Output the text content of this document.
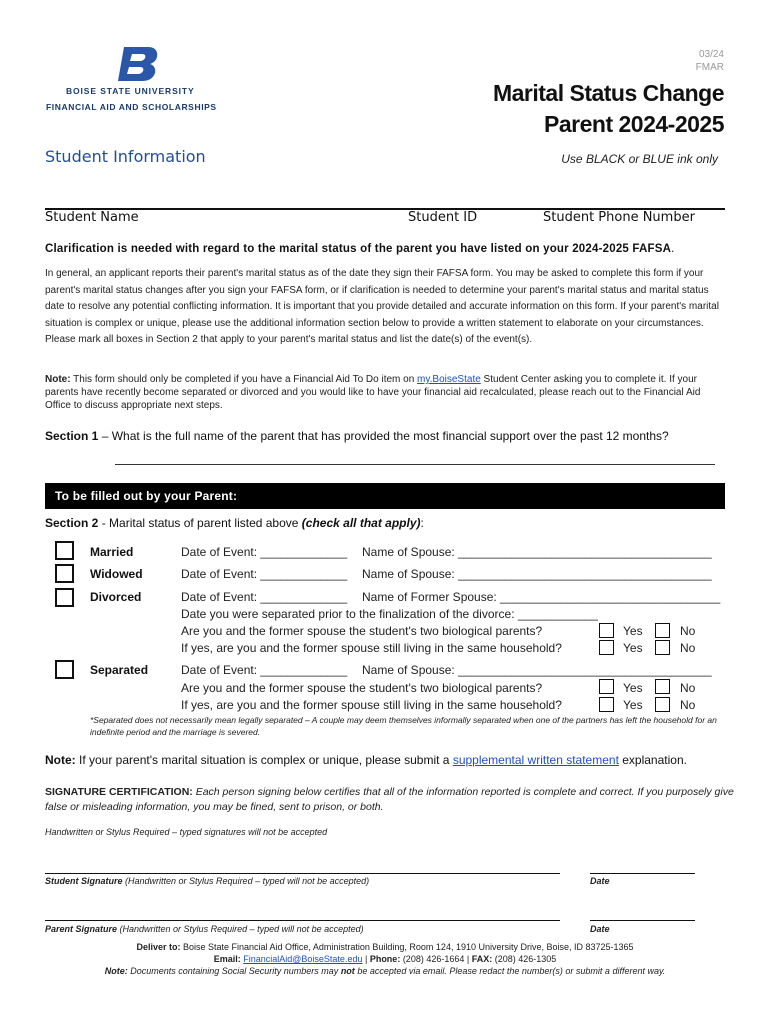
BOISE STATE UNIVERSITY
FINANCIAL AID AND SCHOLARSHIPS
03/24
FMAR
Marital Status Change
Parent 2024-2025
Student Information	Use BLACK or BLUE ink only
Student Name	Student ID	Student Phone Number
Clarification is needed with regard to the marital status of the parent you have listed on your 2024-2025 FAFSA.
In general, an applicant reports their parent's marital status as of the date they sign their FAFSA form. You may be asked to complete this form if your parent's marital status changes after you sign your FAFSA form, or if clarification is needed to determine your parent's marital status and marital status date to resolve any potential conflicting information. It is important that you provide detailed and accurate information on this form. If your parent's marital situation is complex or unique, please use the additional information section below to provide a written statement to elaborate on your circumstances. Please mark all boxes in Section 2 that apply to your parent's marital status and list the date(s) of the event(s).
Note: This form should only be completed if you have a Financial Aid To Do item on my.BoiseState Student Center asking you to complete it. If your parents have recently become separated or divorced and you would like to have your financial aid recalculated, please reach out to the Financial Aid Office to discuss appropriate next steps.
Section 1 – What is the full name of the parent that has provided the most financial support over the past 12 months?
To be filled out by your Parent:
Section 2 - Marital status of parent listed above (check all that apply):
Married	Date of Event: _____________ Name of Spouse: ______________________________________
Widowed	Date of Event: _____________ Name of Spouse: ______________________________________
Divorced	Date of Event: _____________ Name of Former Spouse: _________________________________
Date you were separated prior to the finalization of the divorce: ____________
Are you and the former spouse the student's two biological parents?	Yes	No
If yes, are you and the former spouse still living in the same household?	Yes	No
Separated	Date of Event: _____________ Name of Spouse: ______________________________________
Are you and the former spouse the student's two biological parents?	Yes	No
If yes, are you and the former spouse still living in the same household?	Yes	No
*Separated does not necessarily mean legally separated – A couple may deem themselves informally separated when one of the partners has left the household for an indefinite period and the marriage is severed.
Note: If your parent's marital situation is complex or unique, please submit a supplemental written statement explanation.
SIGNATURE CERTIFICATION: Each person signing below certifies that all of the information reported is complete and correct. If you purposely give false or misleading information, you may be fined, sent to prison, or both.
Handwritten or Stylus Required – typed signatures will not be accepted
Student Signature (Handwritten or Stylus Required – typed will not be accepted)	Date
Parent Signature (Handwritten or Stylus Required – typed will not be accepted)	Date
Deliver to: Boise State Financial Aid Office, Administration Building, Room 124, 1910 University Drive, Boise, ID 83725-1365
Email: FinancialAid@BoiseState.edu | Phone: (208) 426-1664 | FAX: (208) 426-1305
Note: Documents containing Social Security numbers may not be accepted via email. Please redact the number(s) or submit a different way.
